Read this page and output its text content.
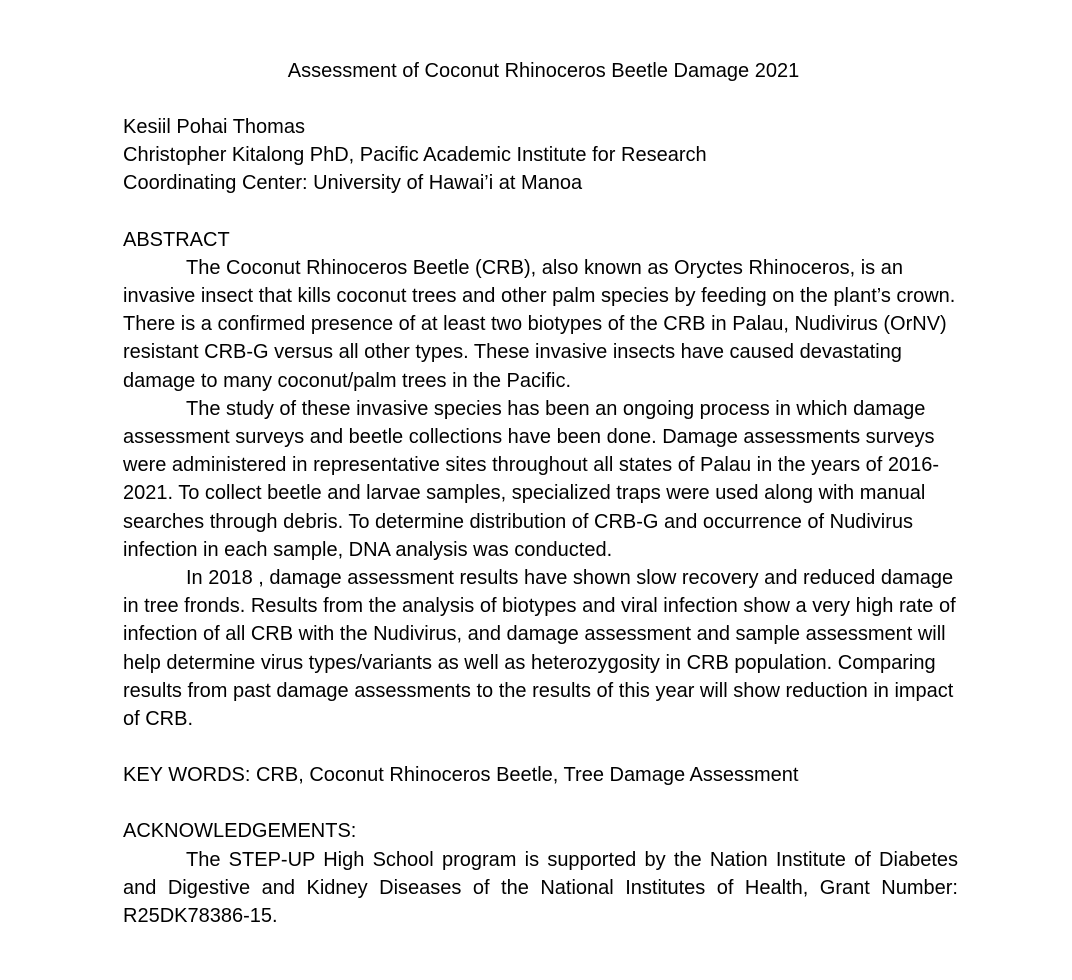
Assessment of Coconut Rhinoceros Beetle Damage 2021
Kesiil Pohai Thomas
Christopher Kitalong PhD, Pacific Academic Institute for Research
Coordinating Center: University of Hawai’i at Manoa
ABSTRACT

The Coconut Rhinoceros Beetle (CRB), also known as Oryctes Rhinoceros, is an invasive insect that kills coconut trees and other palm species by feeding on the plant’s crown. There is a confirmed presence of at least two biotypes of the CRB in Palau, Nudivirus (OrNV) resistant CRB-G versus all other types. These invasive insects have caused devastating damage to many coconut/palm trees in the Pacific.

The study of these invasive species has been an ongoing process in which damage assessment surveys and beetle collections have been done. Damage assessments surveys were administered in representative sites throughout all states of Palau in the years of 2016-2021. To collect beetle and larvae samples, specialized traps were used along with manual searches through debris. To determine distribution of CRB-G and occurrence of Nudivirus infection in each sample, DNA analysis was conducted.

In 2018 , damage assessment results have shown slow recovery and reduced damage in tree fronds. Results from the analysis of biotypes and viral infection show a very high rate of infection of all CRB with the Nudivirus, and damage assessment and sample assessment will help determine virus types/variants as well as heterozygosity in CRB population. Comparing results from past damage assessments to the results of this year will show reduction in impact of CRB.

KEY WORDS: CRB, Coconut Rhinoceros Beetle, Tree Damage Assessment
ACKNOWLEDGEMENTS:

The STEP-UP High School program is supported by the Nation Institute of Diabetes and Digestive and Kidney Diseases of the National Institutes of Health, Grant Number: R25DK78386-15.
